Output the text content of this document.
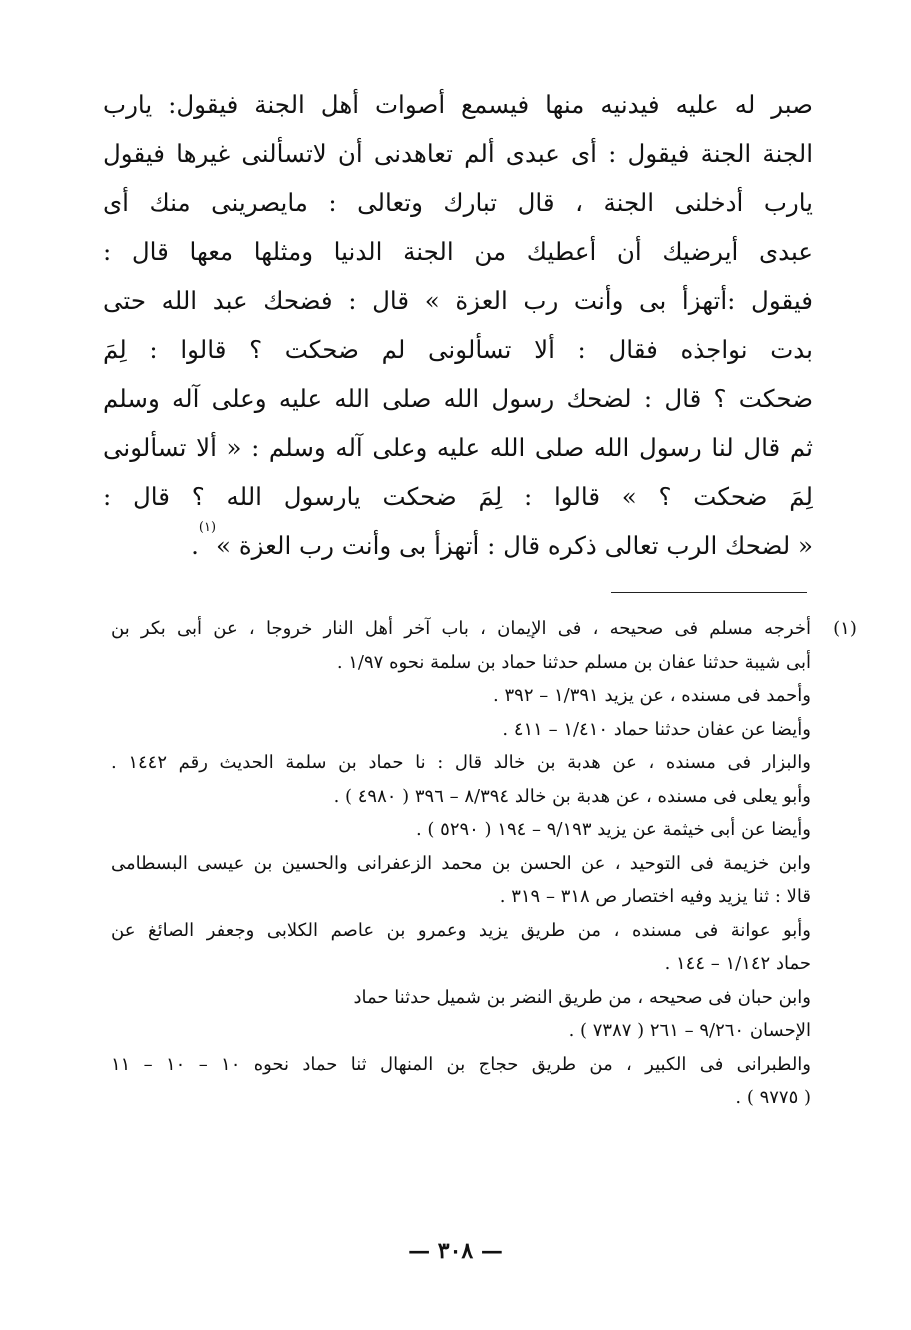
صبر له عليه فيدنيه منها فيسمع أصوات أهل الجنة فيقول: يارب
الجنة الجنة فيقول : أى عبدى ألم تعاهدنى أن لاتسألنى غيرها فيقول
يارب أدخلنى الجنة ، قال تبارك وتعالى : مايصرينى منك أى
عبدى أيرضيك أن أعطيك من الجنة الدنيا ومثلها معها قال :
فيقول :أتهزأ بى وأنت رب العزة » قال : فضحك عبد الله حتى
بدت نواجذه فقال : ألا تسألونى لم ضحكت ؟ قالوا : لِمَ
ضحكت ؟ قال : لضحك رسول الله صلى الله عليه وعلى آله وسلم
ثم قال لنا رسول الله صلى الله عليه وعلى آله وسلم : « ألا تسألونى
لِمَ ضحكت ؟ » قالوا : لِمَ ضحكت يارسول الله ؟ قال :
« لضحك الرب تعالى ذكره قال : أتهزأ بى وأنت رب العزة »$^{(١)}$.
(١)
أخرجه مسلم فى صحيحه ، فى الإيمان ، باب آخر أهل النار خروجا ، عن أبى بكر بن
أبى شيبة حدثنا عفان بن مسلم حدثنا حماد بن سلمة نحوه ١/٩٧ .
وأحمد فى مسنده ، عن يزيد ١/٣٩١ – ٣٩٢ .
وأيضا عن عفان حدثنا حماد ١/٤١٠ – ٤١١ .
والبزار فى مسنده ، عن هدبة بن خالد قال : نا حماد بن سلمة الحديث رقم ١٤٤٢ .
وأبو يعلى فى مسنده ، عن هدبة بن خالد ٨/٣٩٤ – ٣٩٦ ( ٤٩٨٠ ) .
وأيضا عن أبى خيثمة عن يزيد ٩/١٩٣ – ١٩٤ ( ٥٢٩٠ ) .
وابن خزيمة فى التوحيد ، عن الحسن بن محمد الزعفرانى والحسين بن عيسى البسطامى
قالا : ثنا يزيد وفيه اختصار ص ٣١٨ – ٣١٩ .
وأبو عوانة فى مسنده ، من طريق يزيد وعمرو بن عاصم الكلابى وجعفر الصائغ عن
حماد ١/١٤٢ – ١٤٤ .
وابن حبان فى صحيحه ، من طريق النضر بن شميل حدثنا حماد
الإحسان ٩/٢٦٠ – ٢٦١ ( ٧٣٨٧ ) .
والطبرانى فى الكبير ، من طريق حجاج بن المنهال ثنا حماد نحوه ١٠ – ١٠ – ١١
( ٩٧٧٥ ) .
— ٣٠٨ —
